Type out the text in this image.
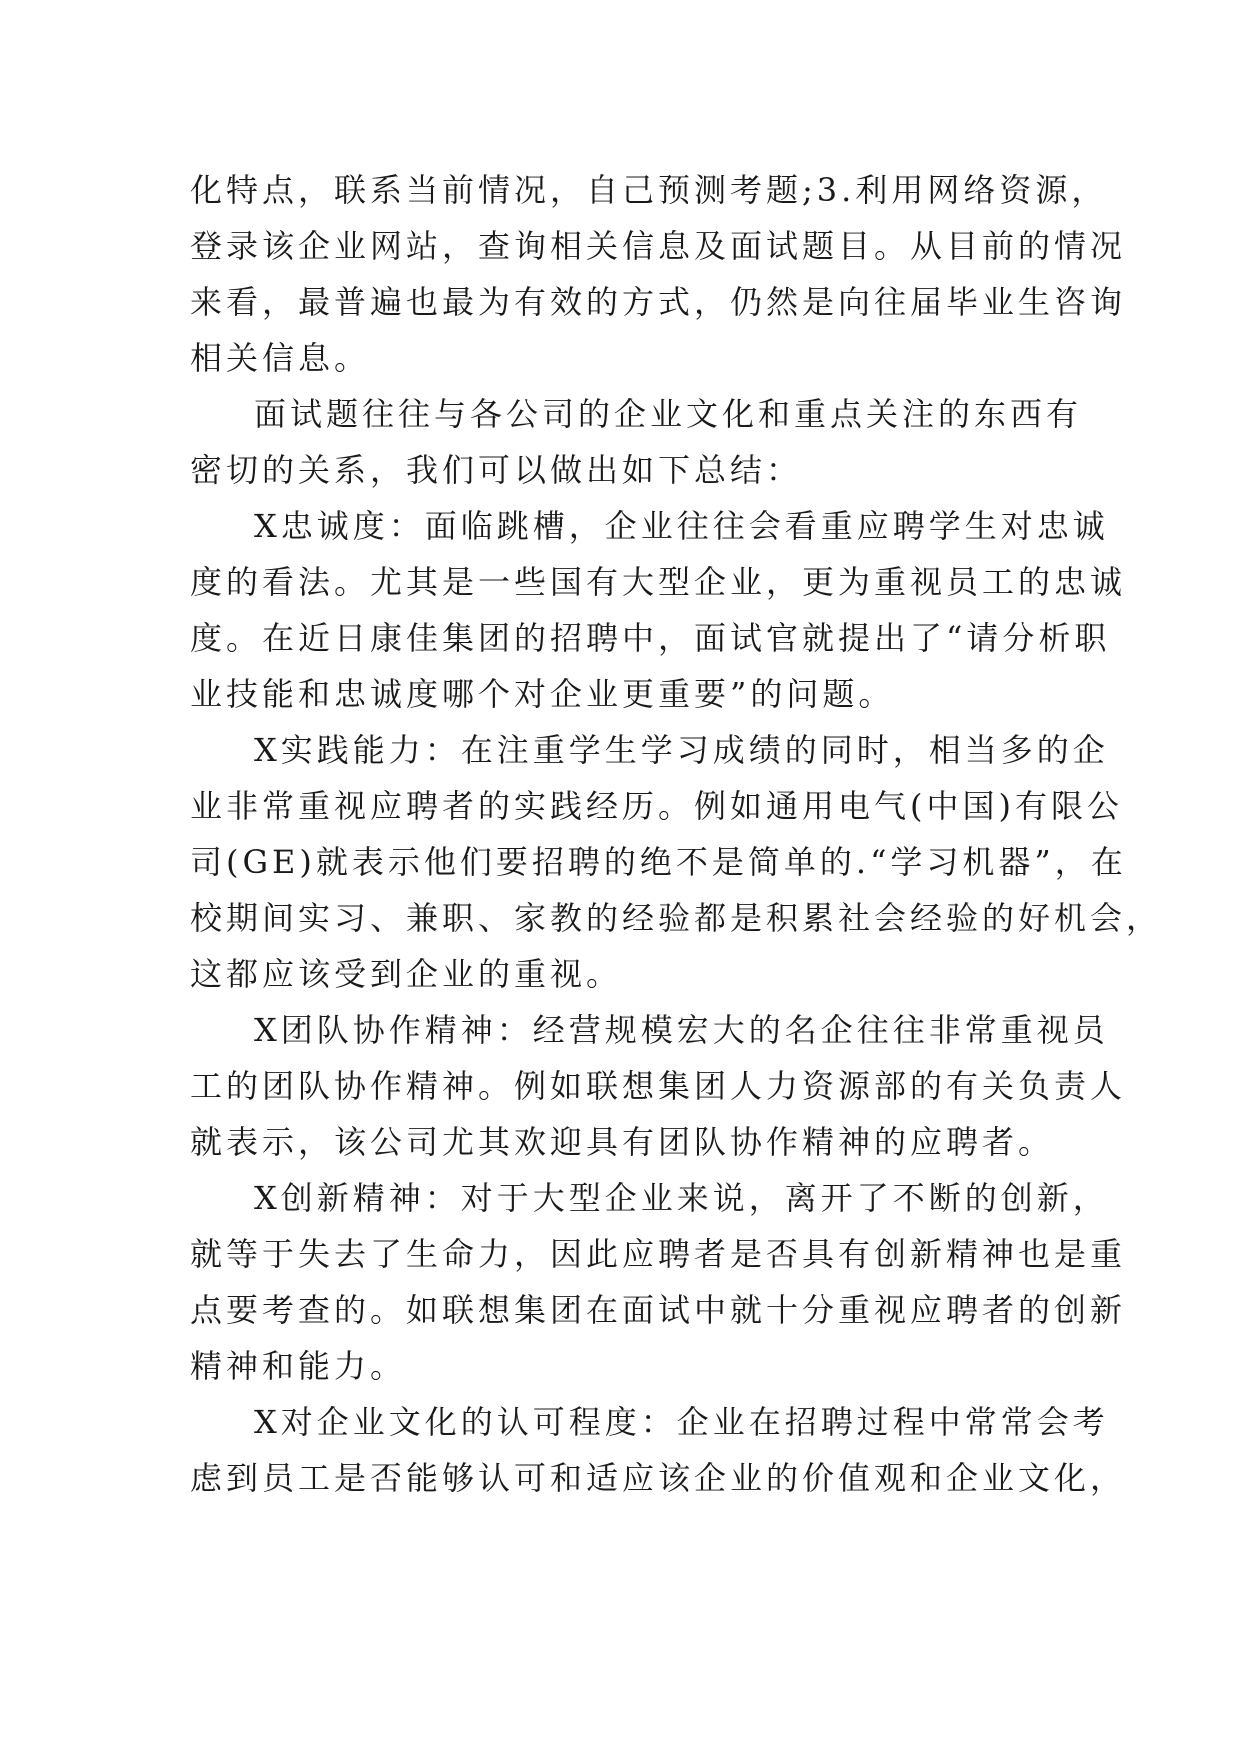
化特点，联系当前情况，自己预测考题;3.利用网络资源，
登录该企业网站，查询相关信息及面试题目。从目前的情况
来看，最普遍也最为有效的方式，仍然是向往届毕业生咨询
相关信息。
面试题往往与各公司的企业文化和重点关注的东西有
密切的关系，我们可以做出如下总结：
X忠诚度：面临跳槽，企业往往会看重应聘学生对忠诚
度的看法。尤其是一些国有大型企业，更为重视员工的忠诚
度。在近日康佳集团的招聘中，面试官就提出了“请分析职
业技能和忠诚度哪个对企业更重要”的问题。
X实践能力：在注重学生学习成绩的同时，相当多的企
业非常重视应聘者的实践经历。例如通用电气(中国)有限公
司(GE)就表示他们要招聘的绝不是简单的.“学习机器”，在
校期间实习、兼职、家教的经验都是积累社会经验的好机会，
这都应该受到企业的重视。
X团队协作精神：经营规模宏大的名企往往非常重视员
工的团队协作精神。例如联想集团人力资源部的有关负责人
就表示，该公司尤其欢迎具有团队协作精神的应聘者。
X创新精神：对于大型企业来说，离开了不断的创新，
就等于失去了生命力，因此应聘者是否具有创新精神也是重
点要考查的。如联想集团在面试中就十分重视应聘者的创新
精神和能力。
X对企业文化的认可程度：企业在招聘过程中常常会考
虑到员工是否能够认可和适应该企业的价值观和企业文化，
